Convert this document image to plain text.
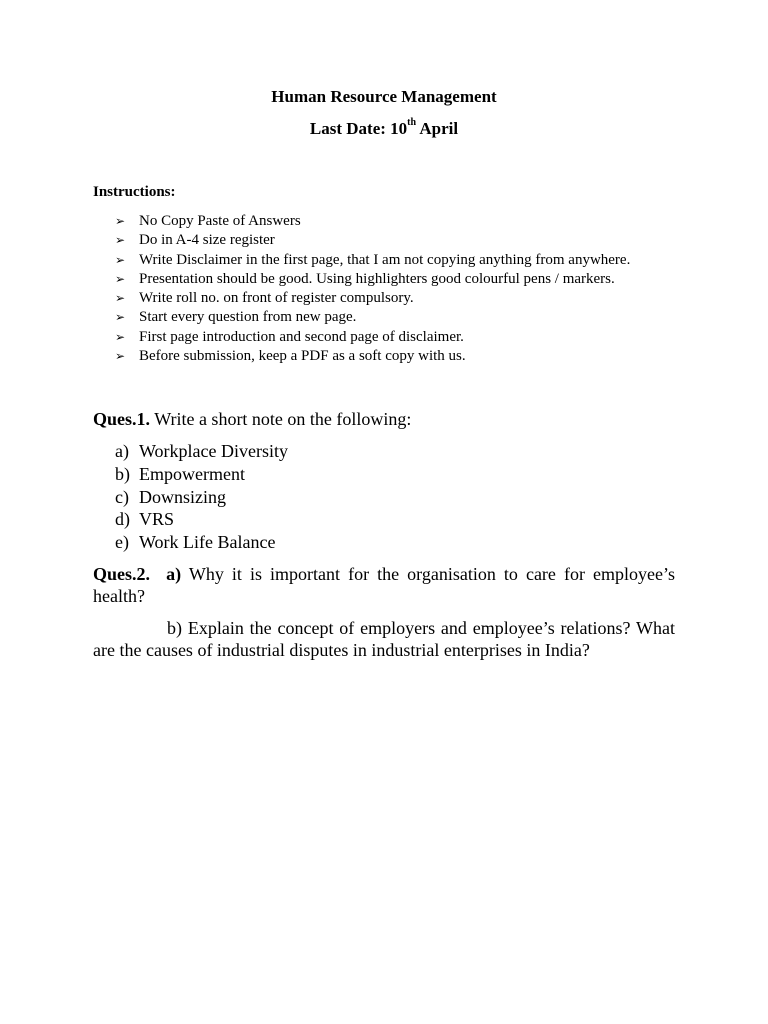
Human Resource Management
Last Date: 10th April
Instructions:
➢ No Copy Paste of Answers
➢ Do in A-4 size register
➢ Write Disclaimer in the first page, that I am not copying anything from anywhere.
➢ Presentation should be good. Using highlighters good colourful pens / markers.
➢ Write roll no. on front of register compulsory.
➢ Start every question from new page.
➢ First page introduction and second page of disclaimer.
➢ Before submission, keep a PDF as a soft copy with us.
Ques.1. Write a short note on the following:
a) Workplace Diversity
b) Empowerment
c) Downsizing
d) VRS
e) Work Life Balance
Ques.2. a) Why it is important for the organisation to care for employee’s health?
b) Explain the concept of employers and employee’s relations? What are the causes of industrial disputes in industrial enterprises in India?
